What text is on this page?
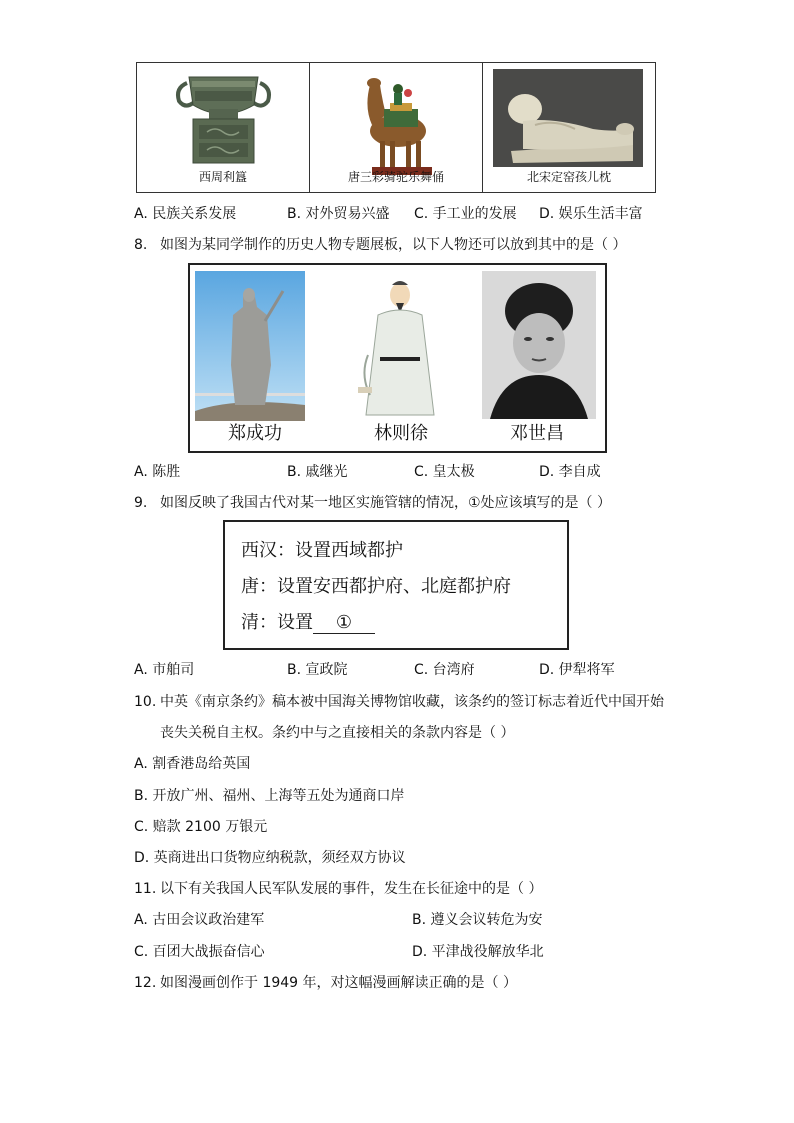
西周利簋	唐三彩骑驼乐舞俑	北宋定窑孩儿枕
A. 民族关系发展	B. 对外贸易兴盛 C. 手工业的发展 D. 娱乐生活丰富
8. 如图为某同学制作的历史人物专题展板，以下人物还可以放到其中的是（ ）
郑成功	林则徐	邓世昌
A. 陈胜	B. 戚继光	C. 皇太极	D. 李自成
9. 如图反映了我国古代对某一地区实施管辖的情况，①处应该填写的是（ ）
西汉：设置西域都护
唐：设置安西都护府、北庭都护府
清：设置 ①
A. 市舶司	B. 宣政院	C. 台湾府	D. 伊犁将军
10. 中英《南京条约》稿本被中国海关博物馆收藏，该条约的签订标志着近代中国开始
丧失关税自主权。条约中与之直接相关的条款内容是（ ）
A. 割香港岛给英国
B. 开放广州、福州、上海等五处为通商口岸
C. 赔款 2100 万银元
D. 英商进出口货物应纳税款，须经双方协议
11. 以下有关我国人民军队发展的事件，发生在长征途中的是（ ）
A. 古田会议政治建军	B. 遵义会议转危为安
C. 百团大战振奋信心	D. 平津战役解放华北
12. 如图漫画创作于 1949 年，对这幅漫画解读正确的是（ ）
